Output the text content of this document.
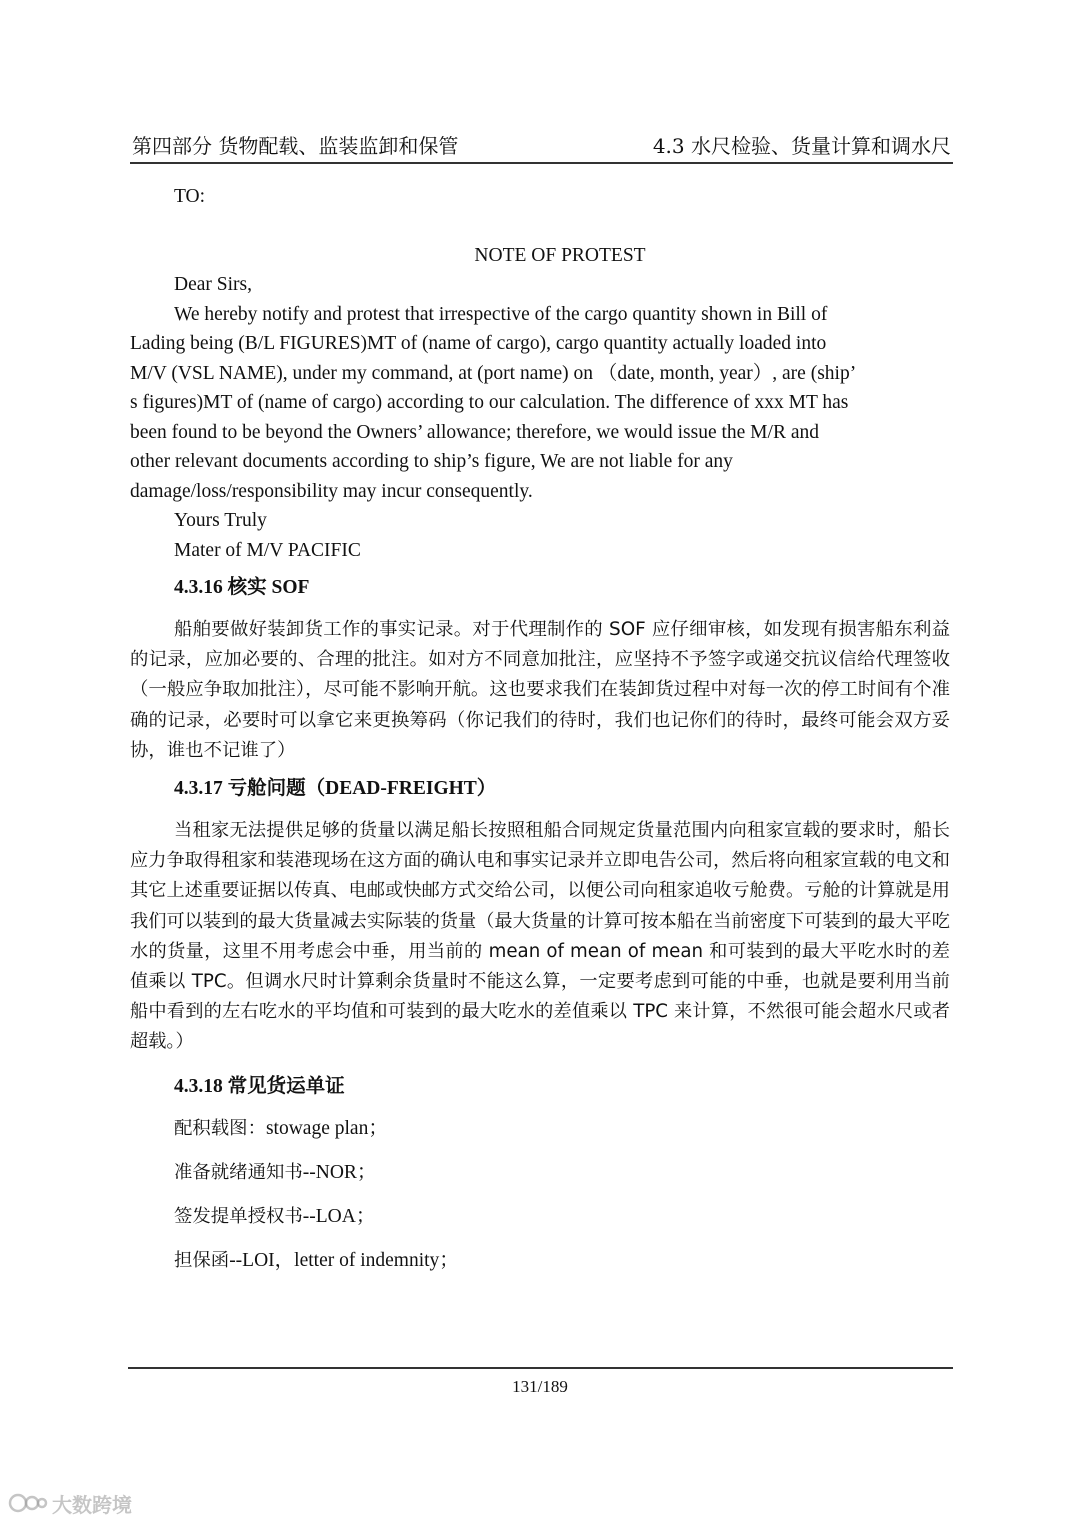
第四部分 货物配载、监装监卸和保管	4.3 水尺检验、货量计算和调水尺
TO:
NOTE OF PROTEST
Dear Sirs,
We hereby notify and protest that irrespective of the cargo quantity shown in Bill of
Lading being (B/L FIGURES)MT of (name of cargo), cargo quantity actually loaded into
M/V (VSL NAME), under my command, at (port name) on （date, month, year）, are (ship’
s figures)MT of (name of cargo) according to our calculation. The difference of xxx MT has
been found to be beyond the Owners’ allowance; therefore, we would issue the M/R and
other relevant documents according to ship’s figure, We are not liable for any
damage/loss/responsibility may incur consequently.
Yours Truly
Mater of M/V PACIFIC
4.3.16 核实 SOF

船舶要做好装卸货工作的事实记录。对于代理制作的 SOF 应仔细审核，如发现有损害船东利益的记录，应加必要的、合理的批注。如对方不同意加批注，应坚持不予签字或递交抗议信给代理签收（一般应争取加批注），尽可能不影响开航。这也要求我们在装卸货过程中对每一次的停工时间有个准确的记录，必要时可以拿它来更换筹码（你记我们的待时，我们也记你们的待时，最终可能会双方妥协，谁也不记谁了）

4.3.17 亏舱问题（DEAD-FREIGHT）

当租家无法提供足够的货量以满足船长按照租船合同规定货量范围内向租家宣载的要求时，船长应力争取得租家和装港现场在这方面的确认电和事实记录并立即电告公司，然后将向租家宣载的电文和其它上述重要证据以传真、电邮或快邮方式交给公司，以便公司向租家追收亏舱费。亏舱的计算就是用我们可以装到的最大货量减去实际装的货量（最大货量的计算可按本船在当前密度下可装到的最大平吃水的货量，这里不用考虑会中垂，用当前的 mean of mean of mean 和可装到的最大平吃水时的差值乘以 TPC。但调水尺时计算剩余货量时不能这么算，一定要考虑到可能的中垂，也就是要利用当前船中看到的左右吃水的平均值和可装到的最大吃水的差值乘以 TPC 来计算，不然很可能会超水尺或者超载。）

4.3.18 常见货运单证
配积载图：stowage plan；
准备就绪通知书--NOR；
签发提单授权书--LOA；
担保函--LOI，letter of indemnity；
131/189
大数跨境
